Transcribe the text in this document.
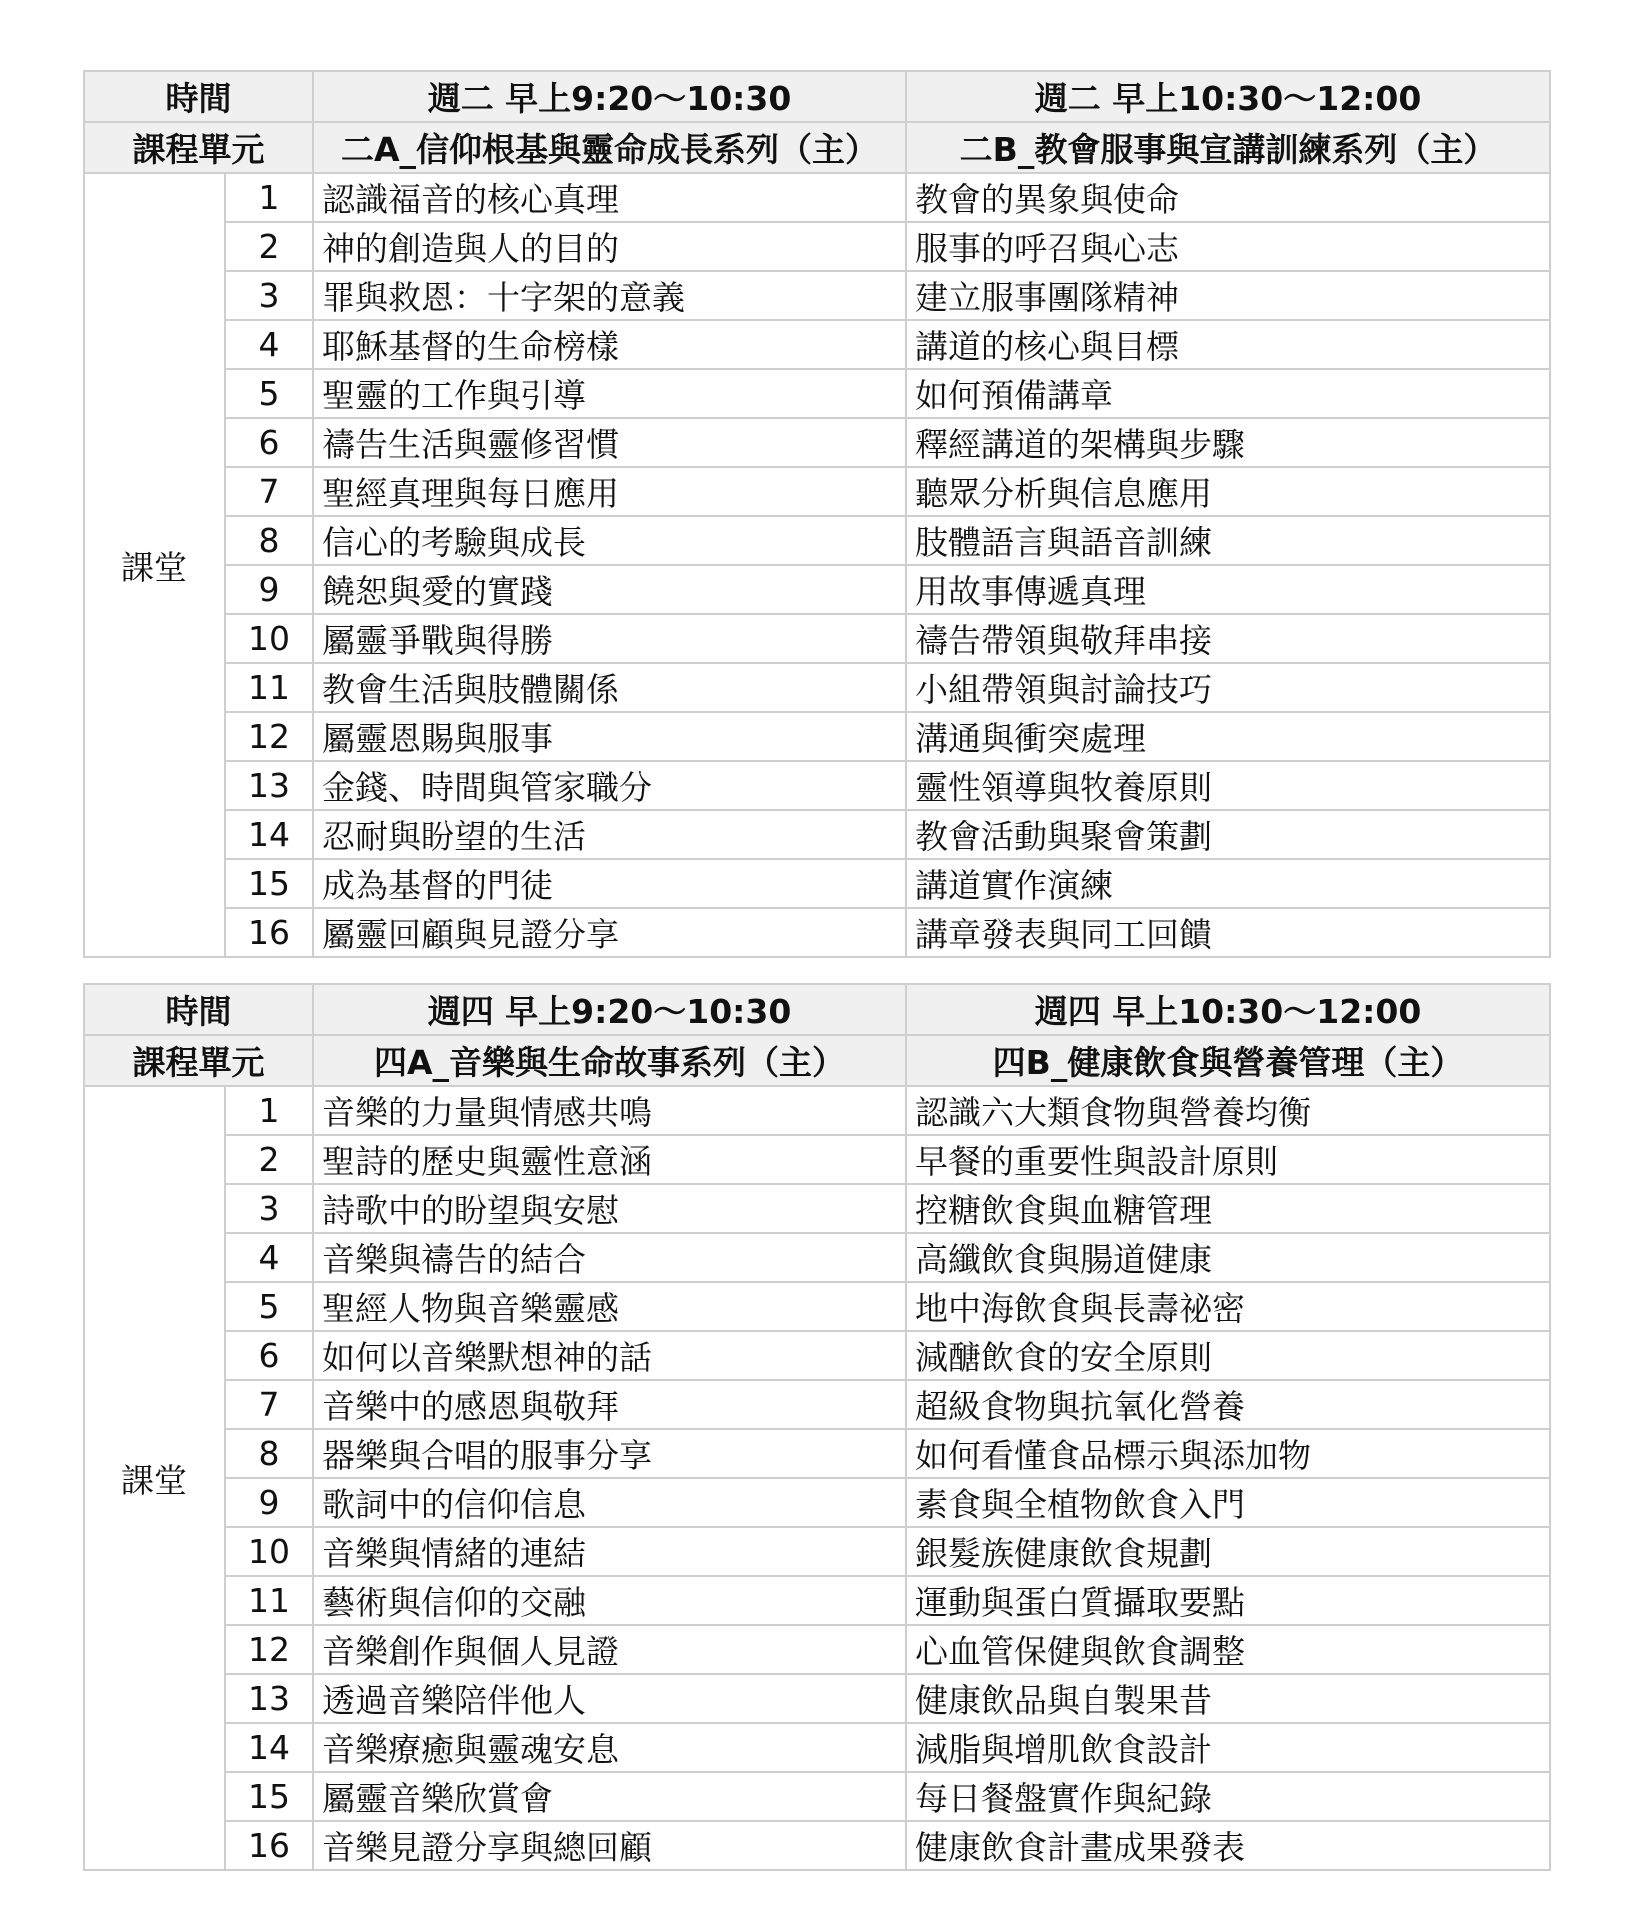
時間		週二 早上9:20～10:30	週二 早上10:30～12:00
課程單元		二A_信仰根基與靈命成長系列（主）	二B_教會服事與宣講訓練系列（主）
課堂	1	認識福音的核心真理	教會的異象與使命
	2	神的創造與人的目的	服事的呼召與心志
	3	罪與救恩：十字架的意義	建立服事團隊精神
	4	耶穌基督的生命榜樣	講道的核心與目標
	5	聖靈的工作與引導	如何預備講章
	6	禱告生活與靈修習慣	釋經講道的架構與步驟
	7	聖經真理與每日應用	聽眾分析與信息應用
	8	信心的考驗與成長	肢體語言與語音訓練
	9	饒恕與愛的實踐	用故事傳遞真理
	10	屬靈爭戰與得勝	禱告帶領與敬拜串接
	11	教會生活與肢體關係	小組帶領與討論技巧
	12	屬靈恩賜與服事	溝通與衝突處理
	13	金錢、時間與管家職分	靈性領導與牧養原則
	14	忍耐與盼望的生活	教會活動與聚會策劃
	15	成為基督的門徒	講道實作演練
	16	屬靈回顧與見證分享	講章發表與同工回饋
時間		週四 早上9:20～10:30	週四 早上10:30～12:00
課程單元		四A_音樂與生命故事系列（主）	四B_健康飲食與營養管理（主）
課堂	1	音樂的力量與情感共鳴	認識六大類食物與營養均衡
	2	聖詩的歷史與靈性意涵	早餐的重要性與設計原則
	3	詩歌中的盼望與安慰	控糖飲食與血糖管理
	4	音樂與禱告的結合	高纖飲食與腸道健康
	5	聖經人物與音樂靈感	地中海飲食與長壽祕密
	6	如何以音樂默想神的話	減醣飲食的安全原則
	7	音樂中的感恩與敬拜	超級食物與抗氧化營養
	8	器樂與合唱的服事分享	如何看懂食品標示與添加物
	9	歌詞中的信仰信息	素食與全植物飲食入門
	10	音樂與情緒的連結	銀髮族健康飲食規劃
	11	藝術與信仰的交融	運動與蛋白質攝取要點
	12	音樂創作與個人見證	心血管保健與飲食調整
	13	透過音樂陪伴他人	健康飲品與自製果昔
	14	音樂療癒與靈魂安息	減脂與增肌飲食設計
	15	屬靈音樂欣賞會	每日餐盤實作與紀錄
	16	音樂見證分享與總回顧	健康飲食計畫成果發表
